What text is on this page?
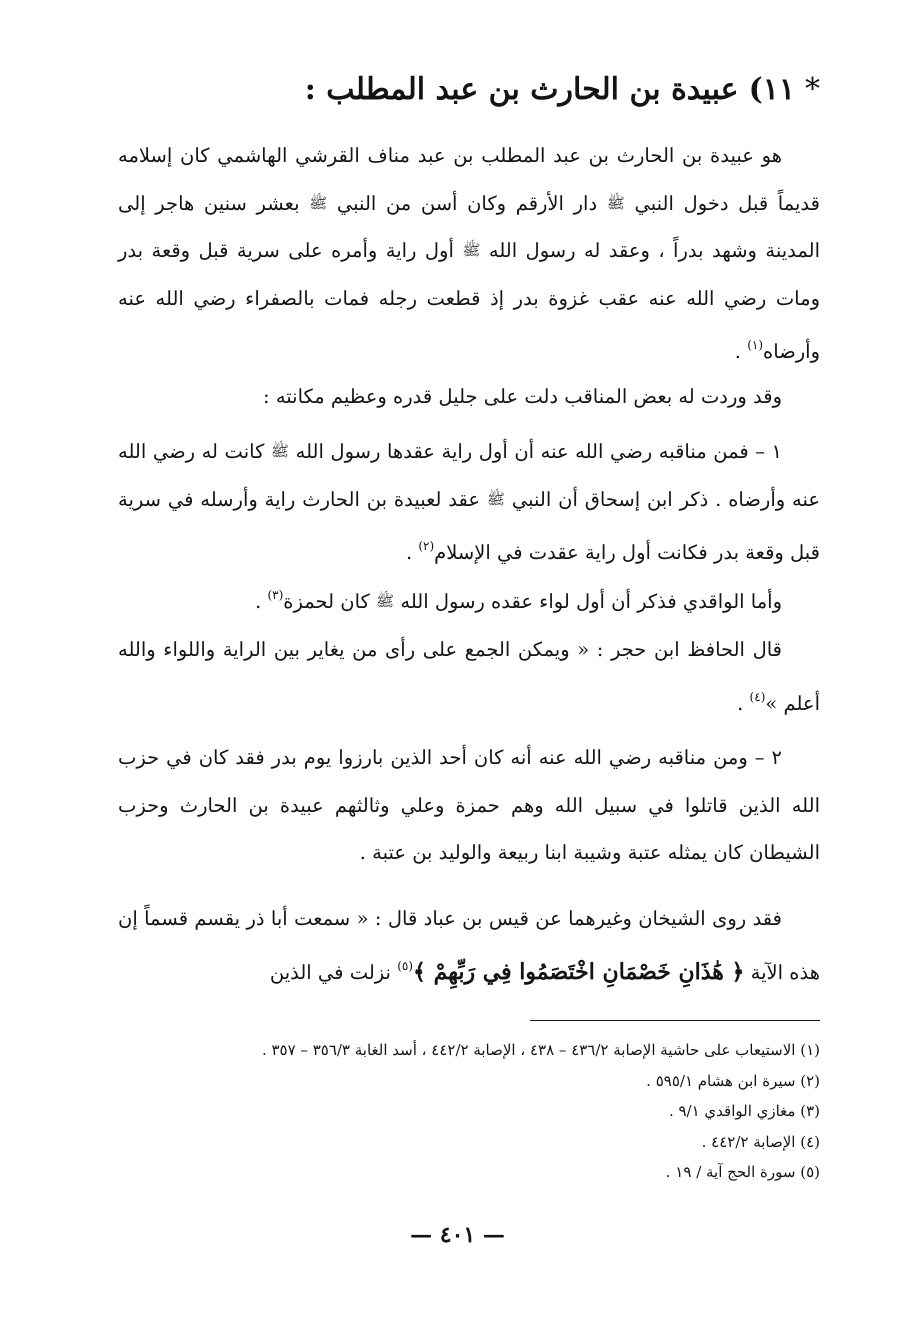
*١١)عبيدة بن الحارث بن عبد المطلب :

هو عبيدة بن الحارث بن عبد المطلب بن عبد مناف القرشي الهاشمي كان إسلامه قديماً قبل دخول النبي ﷺ دار الأرقم وكان أسن من النبي ﷺ بعشر سنين هاجر إلى المدينة وشهد بدراً ، وعقد له رسول الله ﷺ أول راية وأمره على سرية قبل وقعة بدر ومات رضي الله عنه عقب غزوة بدر إذ قطعت رجله فمات بالصفراء رضي الله عنه وأرضاه$^{(١)}$ .

وقد وردت له بعض المناقب دلت على جليل قدره وعظيم مكانته :

١ – فمن مناقبه رضي الله عنه أن أول راية عقدها رسول الله ﷺ كانت له رضي الله عنه وأرضاه . ذكر ابن إسحاق أن النبي ﷺ عقد لعبيدة بن الحارث راية وأرسله في سرية قبل وقعة بدر فكانت أول راية عقدت في الإسلام$^{(٢)}$ .

وأما الواقدي فذكر أن أول لواء عقده رسول الله ﷺ كان لحمزة$^{(٣)}$ .

قال الحافظ ابن حجر : « ويمكن الجمع على رأى من يغاير بين الراية واللواء والله أعلم »$^{(٤)}$ .

٢ – ومن مناقبه رضي الله عنه أنه كان أحد الذين بارزوا يوم بدر فقد كان في حزب الله الذين قاتلوا في سبيل الله وهم حمزة وعلي وثالثهم عبيدة بن الحارث وحزب الشيطان كان يمثله عتبة وشيبة ابنا ربيعة والوليد بن عتبة .

فقد روى الشيخان وغيرهما عن قيس بن عباد قال : « سمعت أبا ذر يقسم قسماً إن هذه الآية ﴿ هَٰذَانِ خَصْمَانِ اخْتَصَمُوا فِي رَبِّهِمْ ﴾$^{(٥)}$ نزلت في الذين

(١) الاستيعاب على حاشية الإصابة ٤٣٦/٢ – ٤٣٨ ، الإصابة ٤٤٢/٢ ، أسد الغابة ٣٥٦/٣ – ٣٥٧ .
(٢) سيرة ابن هشام ٥٩٥/١ .
(٣) مغازي الواقدي ٩/١ .
(٤) الإصابة ٤٤٢/٢ .
(٥) سورة الحج آية / ١٩ .
— ٤٠١ —
